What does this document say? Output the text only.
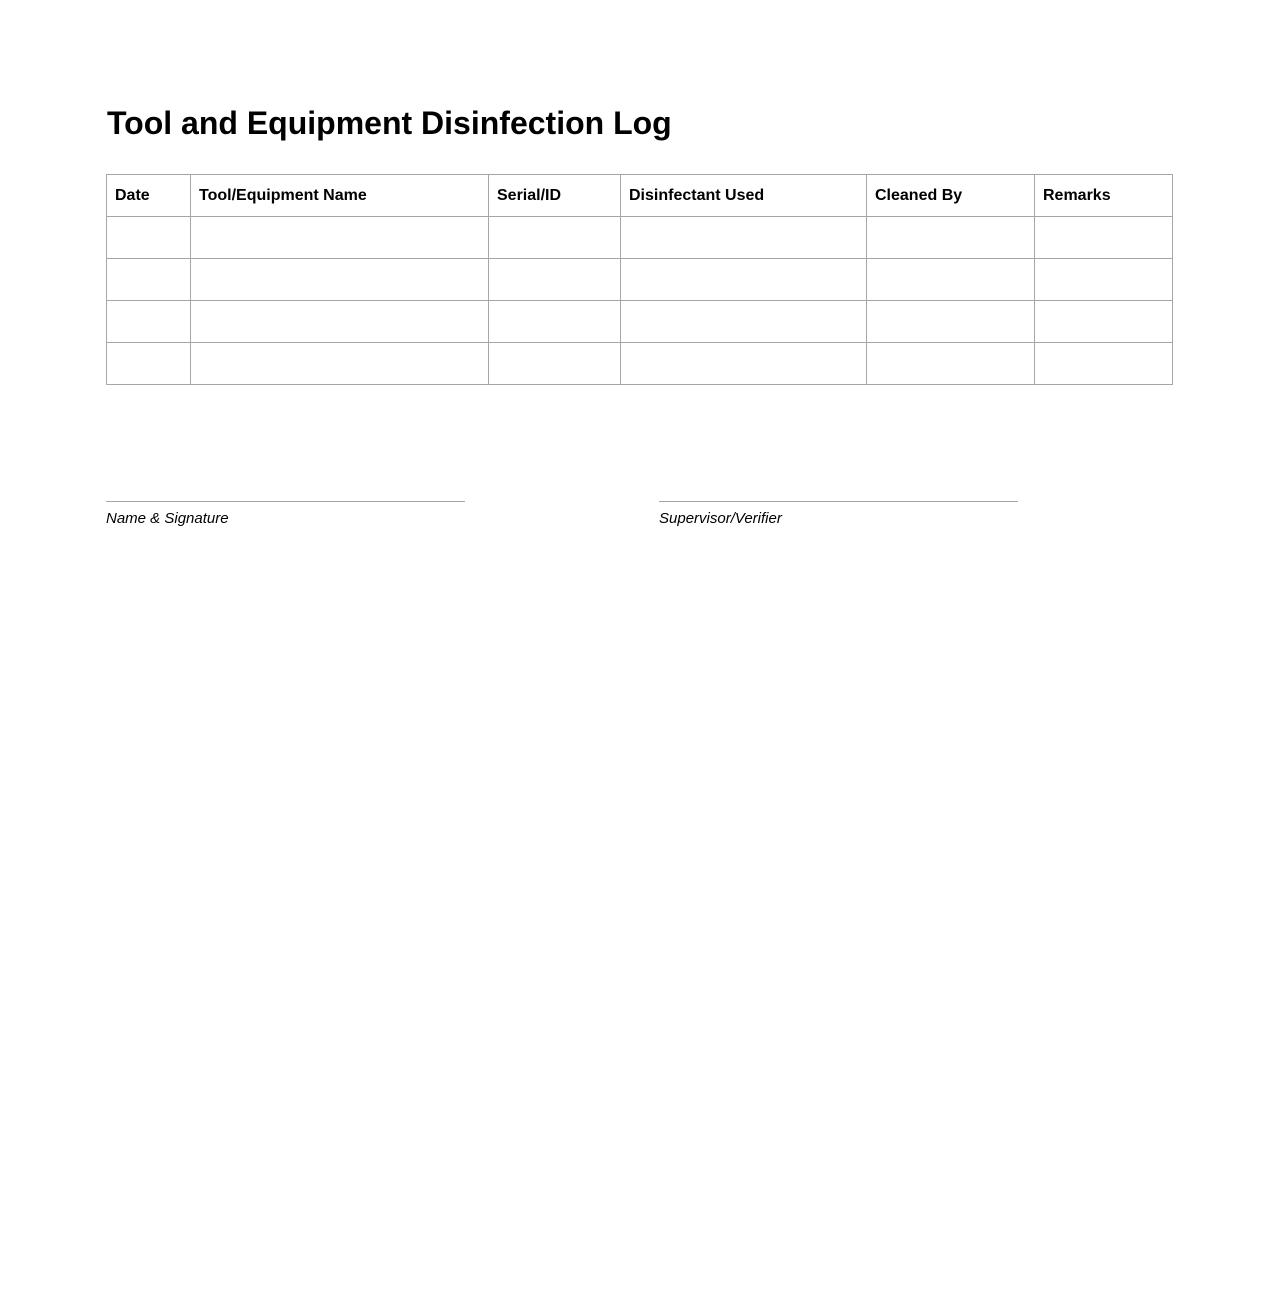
Tool and Equipment Disinfection Log
Date	Tool/Equipment Name	Serial/ID	Disinfectant Used	Cleaned By	Remarks

Name & Signature	Supervisor/Verifier
